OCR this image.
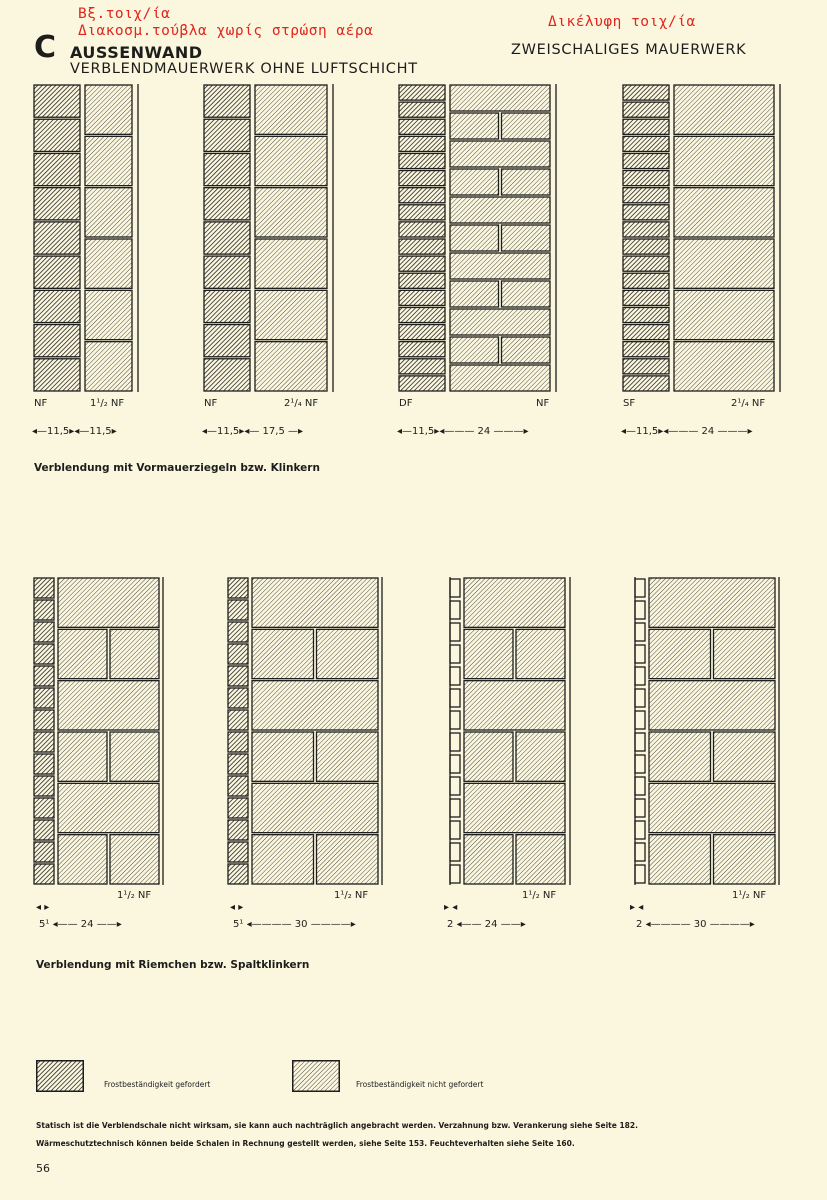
Βξ.τοιχ/ία
Διακοσμ.τούβλα χωρίς στρώση αέρα
Δικέλυφη τοιχ/ία
C AUSSENWAND
VERBLENDMAUERWERK OHNE LUFTSCHICHT
ZWEISCHALIGES MAUERWERK
NF	1¹/₂ NF	NF	2¹/₄ NF	DF	NF	SF	2¹/₄ NF
◂—11,5▸◂—11,5▸	◂—11,5▸◂— 17,5 —▸	◂—11,5▸◂——— 24 ———▸	◂—11,5▸◂——— 24 ———▸
Verblendung mit Vormauerziegeln bzw. Klinkern
1¹/₂ NF	1¹/₂ NF	1¹/₂ NF	1¹/₂ NF
◂ ▸	◂ ▸	▸ ◂	▸ ◂
5¹ ◂—— 24 ——▸	5¹ ◂———— 30 ————▸	2 ◂—— 24 ——▸	2 ◂———— 30 ————▸
Verblendung mit Riemchen bzw. Spaltklinkern
Frostbeständigkeit gefordert	Frostbeständigkeit nicht gefordert
Statisch ist die Verblendschale nicht wirksam, sie kann auch nachträglich angebracht werden. Verzahnung bzw. Verankerung siehe Seite 182.
Wärmeschutztechnisch können beide Schalen in Rechnung gestellt werden, siehe Seite 153. Feuchteverhalten siehe Seite 160.
56
